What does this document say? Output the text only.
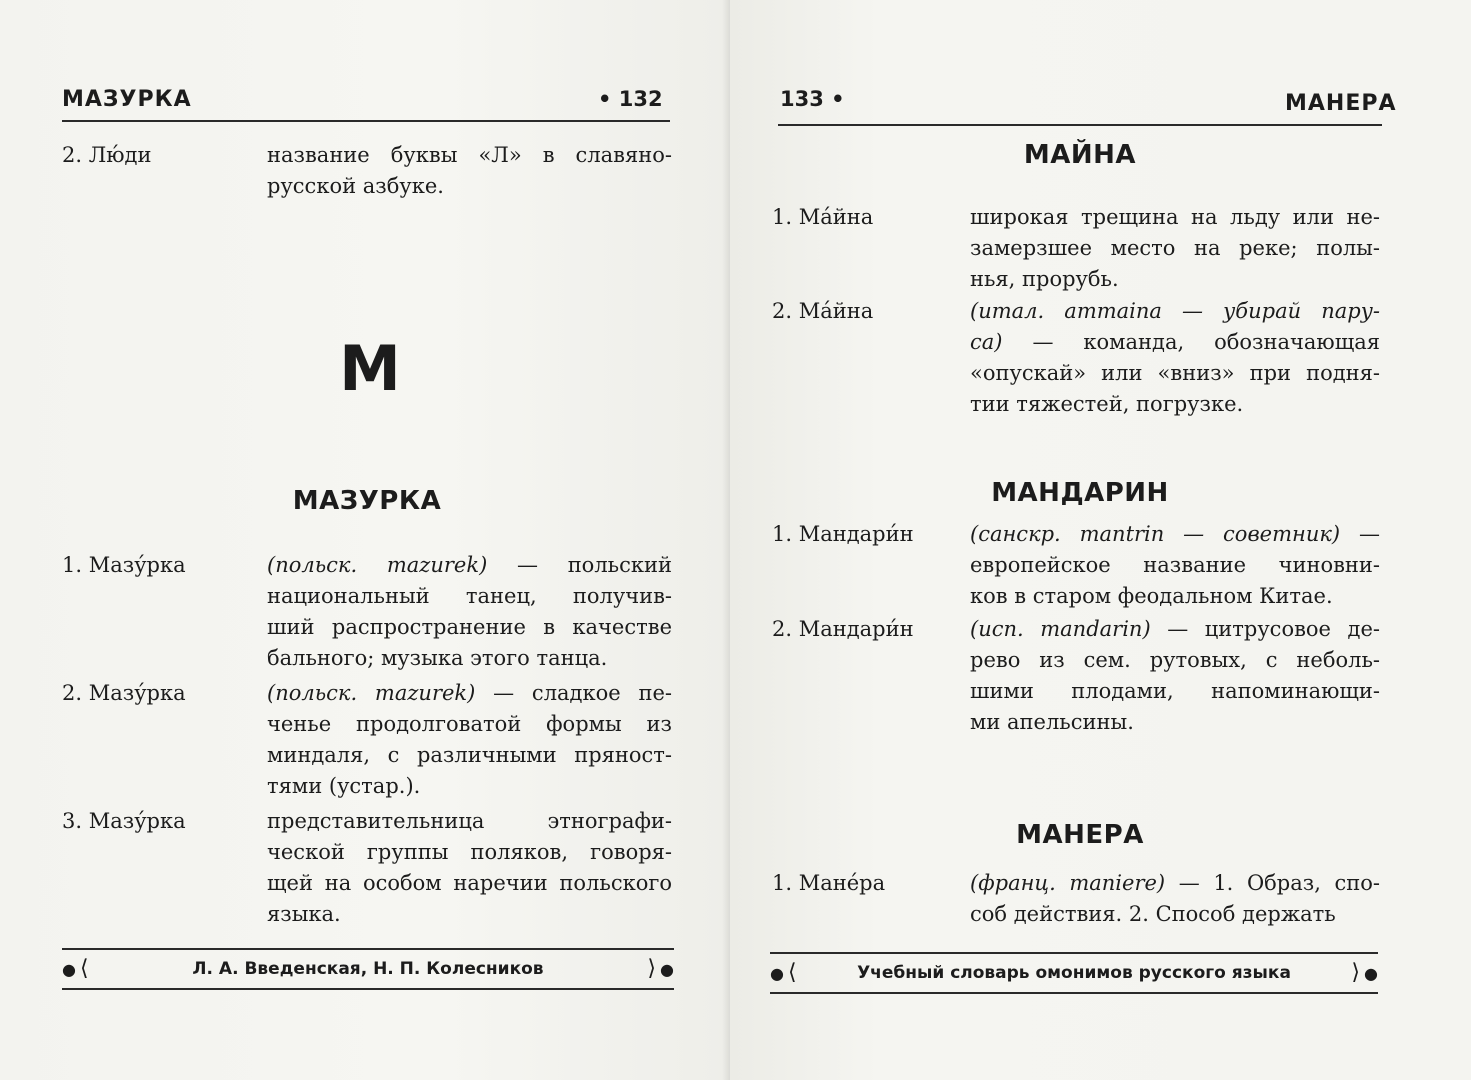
МАЗУРКА	• 132
2. Лю́ди	название буквы «Л» в славяно-
русской азбуке.
М
МАЗУРКА
1. Мазу́рка	(польск. mazurek) — польский
национальный танец, получив-
ший распространение в качестве
бального; музыка этого танца.
2. Мазу́рка	(польск. mazurek) — сладкое пе-
ченье продолговатой формы из
миндаля, с различными пряност-
тями (устар.).
3. Мазу́рка	представительница этнографи-
ческой группы поляков, говоря-
щей на особом наречии польского
языка.
● ⟨	Л. А. Введенская, Н. П. Колесников	⟩ ●
133 •	МАНЕРА
МАЙНА
1. Ма́йна	широкая трещина на льду или не-
замерзшее место на реке; полы-
нья, прорубь.
2. Ма́йна	(итал. ammaina — убирай пару-
са) — команда, обозначающая
«опускай» или «вниз» при подня-
тии тяжестей, погрузке.
МАНДАРИН
1. Мандари́н	(санскр. mantrin — советник) —
европейское название чиновни-
ков в старом феодальном Китае.
2. Мандари́н	(исп. mandarin) — цитрусовое де-
рево из сем. рутовых, с неболь-
шими плодами, напоминающи-
ми апельсины.
МАНЕРА
1. Мане́ра	(франц. maniere) — 1. Образ, спо-
соб действия. 2. Способ держать
● ⟨	Учебный словарь омонимов русского языка	⟩ ●
